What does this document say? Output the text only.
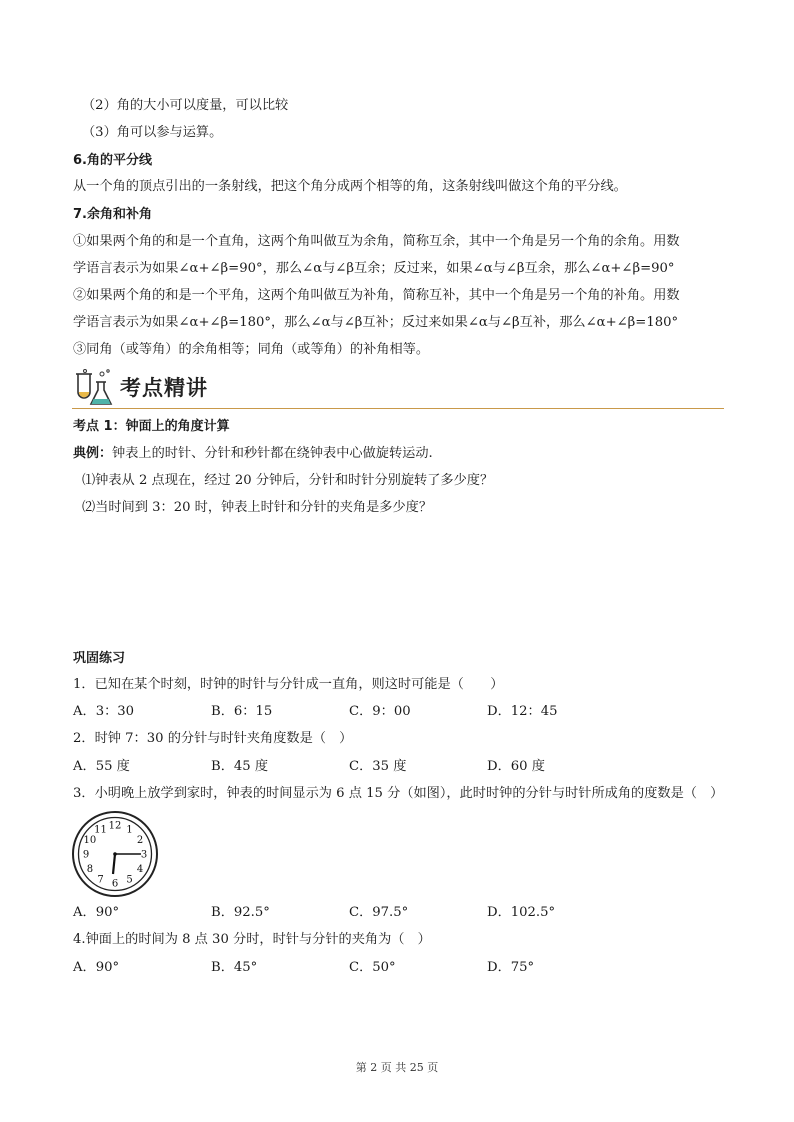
（2）角的大小可以度量，可以比较
（3）角可以参与运算。
6.角的平分线
从一个角的顶点引出的一条射线，把这个角分成两个相等的角，这条射线叫做这个角的平分线。
7.余角和补角
①如果两个角的和是一个直角，这两个角叫做互为余角，简称互余，其中一个角是另一个角的余角。用数
学语言表示为如果∠α+∠β=90°，那么∠α与∠β互余；反过来，如果∠α与∠β互余，那么∠α+∠β=90°
②如果两个角的和是一个平角，这两个角叫做互为补角，简称互补，其中一个角是另一个角的补角。用数
学语言表示为如果∠α+∠β=180°，那么∠α与∠β互补；反过来如果∠α与∠β互补，那么∠α+∠β=180°
③同角（或等角）的余角相等；同角（或等角）的补角相等。
考点精讲
考点 1：钟面上的角度计算
典例：钟表上的时针、分针和秒针都在绕钟表中心做旋转运动.
⑴钟表从 2 点现在，经过 20 分钟后，分针和时针分别旋转了多少度？
⑵当时间到 3：20 时，钟表上时针和分针的夹角是多少度？
巩固练习
1．已知在某个时刻，时钟的时针与分针成一直角，则这时可能是（　　）
A．3：30	B．6：15	C．9：00	D．12：45
2．时钟 7：30 的分针与时针夹角度数是（　）
A．55 度	B．45 度	C．35 度	D．60 度
3．小明晚上放学到家时，钟表的时间显示为 6 点 15 分（如图），此时时钟的分针与时针所成角的度数是（　）
12 1
2
3
4
5
6
7
8
9
10
11
A．90°	B．92.5°	C．97.5°	D．102.5°
4.钟面上的时间为 8 点 30 分时，时针与分针的夹角为（　）
A．90°	B．45°	C．50°	D．75°
第 2 页 共 25 页
